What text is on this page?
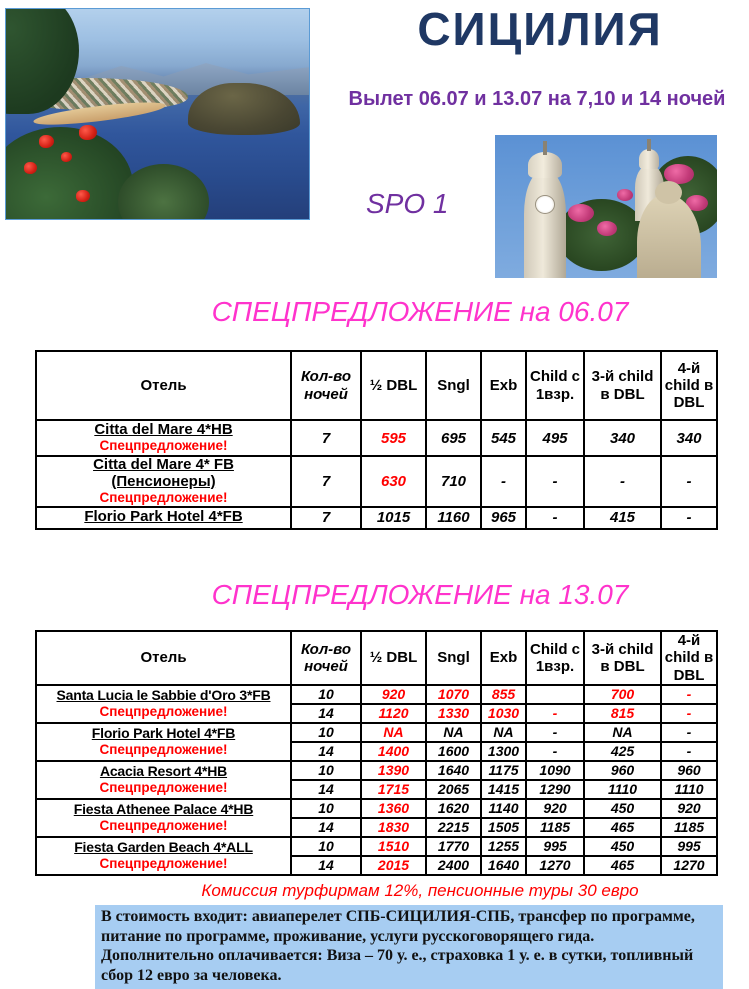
СИЦИЛИЯ
Вылет 06.07 и 13.07 на 7,10 и 14 ночей
SPO 1
СПЕЦПРЕДЛОЖЕНИЕ на 06.07
Отель	Кол-во ночей	½ DBL	Sngl	Exb	Child с 1взр.	3-й child в DBL	4-й child в DBL

Citta del Mare 4*HB
Спецпредложение!	7	595	695	545	495	340	340

Citta del Mare 4* FB (Пенсионеры)
Спецпредложение!	7	630	710	-	-	-	-

Florio Park Hotel 4*FB	7	1015	1160	965	-	415	-
СПЕЦПРЕДЛОЖЕНИЕ на 13.07
Отель	Кол-во ночей	½ DBL	Sngl	Exb	Child с 1взр.	3-й child в DBL	4-й child в DBL

Santa Lucia le Sabbie d'Oro 3*FB
Спецпредложение!	10	920	1070	855		700	-
	14	1120	1330	1030	-	815	-

Florio Park Hotel 4*FB
Спецпредложение!	10	NA	NA	NA	-	NA	-
	14	1400	1600	1300	-	425	-

Acacia Resort 4*HB
Спецпредложение!	10	1390	1640	1175	1090	960	960
	14	1715	2065	1415	1290	1110	1110

Fiesta Athenee Palace 4*HB
Спецпредложение!	10	1360	1620	1140	920	450	920
	14	1830	2215	1505	1185	465	1185

Fiesta Garden Beach 4*ALL
Спецпредложение!	10	1510	1770	1255	995	450	995
	14	2015	2400	1640	1270	465	1270
Комиссия турфирмам 12%, пенсионные туры 30 евро
В стоимость входит: авиаперелет СПБ-СИЦИЛИЯ-СПБ, трансфер по программе, питание по программе, проживание, услуги русскоговорящего гида.
Дополнительно оплачивается: Виза – 70 у. е., страховка 1 у. е. в сутки, топливный сбор 12 евро за человека.
